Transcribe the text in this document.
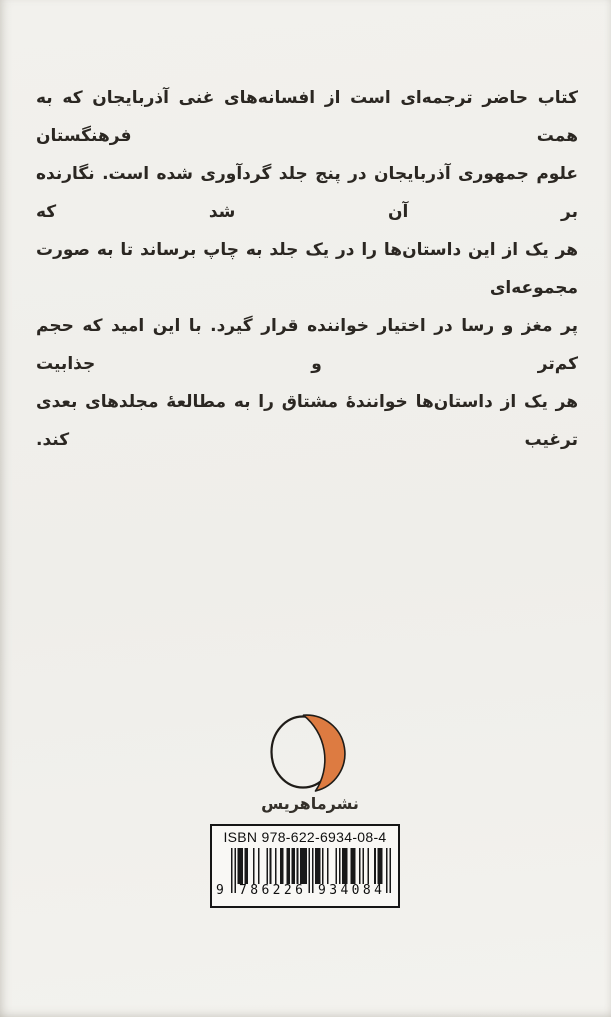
کتاب حاضر ترجمه‌ای است از افسانه‌های غنی آذربایجان که به همت فرهنگستان

علوم جمهوری آذربایجان در پنج جلد گردآوری شده است. نگارنده بر آن شد که

هر یک از این داستان‌ها را در یک جلد به چاپ برساند تا به صورت مجموعه‌ای

پر مغز و رسا در اختیار خواننده قرار گیرد. با این امید که حجم کم‌تر و جذابیت

هر یک از داستان‌ها خوانندهٔ مشتاق را به مطالعهٔ مجلدهای بعدی ترغیب کند.

نشرماهریس
ISBN 978-622-6934-08-4
9 786226 934084
